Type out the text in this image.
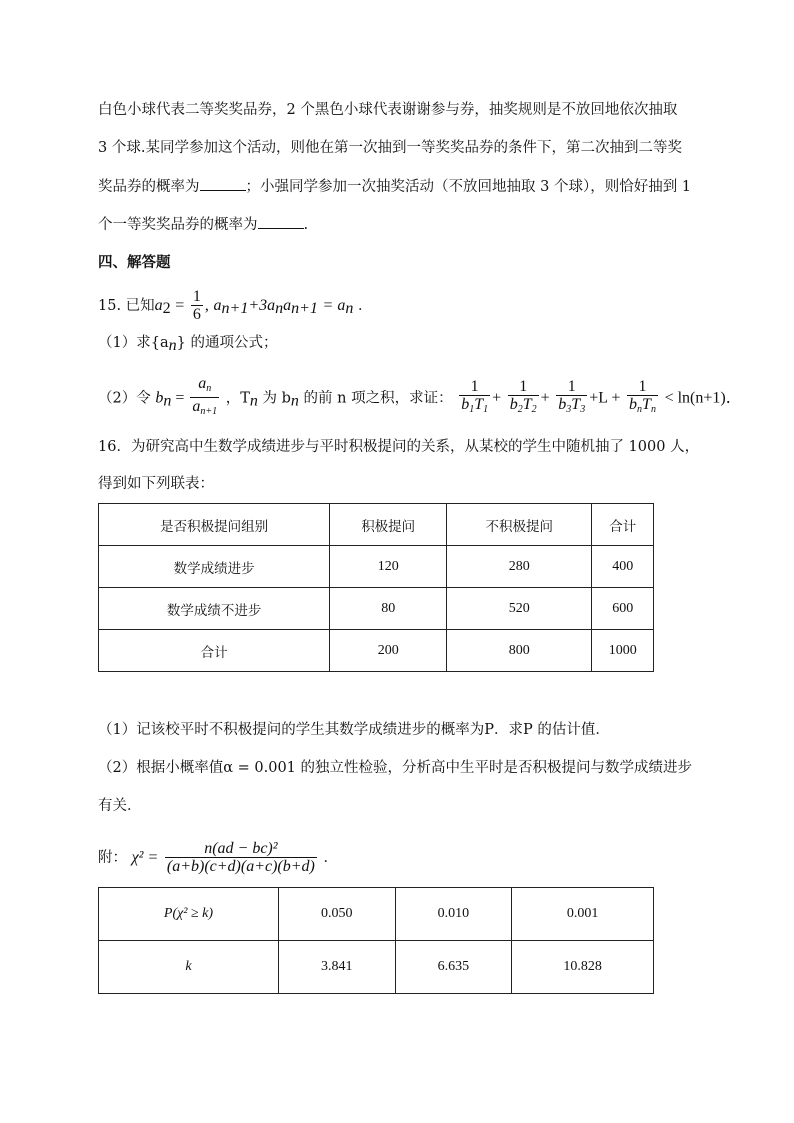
白色小球代表二等奖奖品券，2 个黑色小球代表谢谢参与券，抽奖规则是不放回地依次抽取
3 个球.某同学参加这个活动，则他在第一次抽到一等奖奖品券的条件下，第二次抽到二等奖
奖品券的概率为	；小强同学参加一次抽奖活动（不放回地抽取 3 个球），则恰好抽到 1
个一等奖奖品券的概率为	.
四、解答题
15. 已知$a_2 = \frac{1}{6}$ , $a_{n+1}+3a_na_{n+1} = a_n$ ．
（1）求$\{a_n\}$ 的通项公式；
（2）令 $b_n = \frac{a_n}{a_{n+1}}$ ，$T_n$ 为 $b_n$ 的前 n 项之积，求证： $\frac{1}{b_1T_1} + \frac{1}{b_2T_2} + \frac{1}{b_3T_3} +L + \frac{1}{b_nT_n} < \ln(n+1)$．
16．为研究高中生数学成绩进步与平时积极提问的关系，从某校的学生中随机抽了 1000 人，
得到如下列联表：
是否积极提问组别	积极提问	不积极提问	合计
数学成绩进步	120	280	400
数学成绩不进步	80	520	600
合计	200	800	1000
（1）记该校平时不积极提问的学生其数学成绩进步的概率为P．求P 的估计值．
（2）根据小概率值α = 0.001 的独立性检验，分析高中生平时是否积极提问与数学成绩进步
有关．
附： $\chi^2 = \frac{\text{n(ad − bc)²}}{(a+b)(c+d)(a+c)(b+d)}$ ．
P(χ² ≥ k)	0.050	0.010	0.001
k	3.841	6.635	10.828
